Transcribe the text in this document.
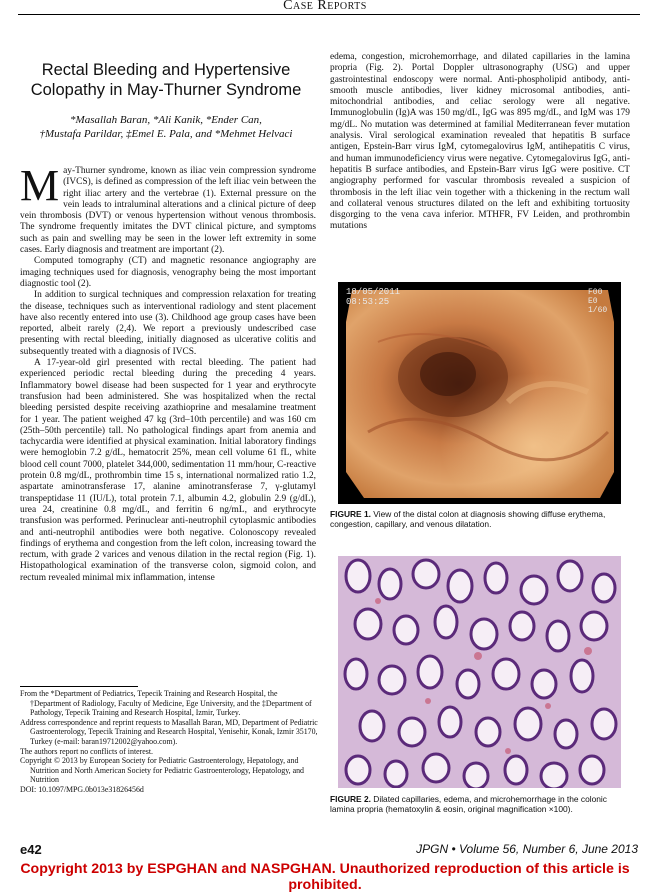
Case Reports
Rectal Bleeding and Hypertensive Colopathy in May-Thurner Syndrome
*Masallah Baran, *Ali Kanik, *Ender Can,
†Mustafa Parildar, ‡Emel E. Pala, and *Mehmet Helvaci

May-Thurner syndrome, known as iliac vein compression syndrome (IVCS), is defined as compression of the left iliac vein between the right iliac artery and the vertebrae (1). External pressure on the vein leads to intraluminal alterations and a clinical picture of deep vein thrombosis (DVT) or venous hypertension without venous thrombosis. The syndrome frequently imitates the DVT clinical picture, and symptoms such as pain and swelling may be seen in the lower left extremity in some cases. Early diagnosis and treatment are important (2).

Computed tomography (CT) and magnetic resonance angiography are imaging techniques used for diagnosis, venography being the most important diagnostic tool (2).

In addition to surgical techniques and compression relaxation for treating the disease, techniques such as interventional radiology and stent placement have also recently entered into use (3). Childhood age group cases have been reported, albeit rarely (2,4). We report a previously undescribed case presenting with rectal bleeding, initially diagnosed as ulcerative colitis and subsequently treated with a diagnosis of IVCS.

A 17-year-old girl presented with rectal bleeding. The patient had experienced periodic rectal bleeding during the preceding 4 years. Inflammatory bowel disease had been suspected for 1 year and erythrocyte transfusion had been administered. She was hospitalized when the rectal bleeding persisted despite receiving azathioprine and mesalamine treatment for 1 year. The patient weighed 47 kg (3rd–10th percentile) and was 160 cm (25th–50th percentile) tall. No pathological findings apart from anemia and tachycardia were identified at physical examination. Initial laboratory findings were hemoglobin 7.2 g/dL, hematocrit 25%, mean cell volume 61 fL, white blood cell count 7000, platelet 344,000, sedimentation 11 mm/hour, C-reactive protein 0.8 mg/dL, prothrombin time 15 s, international normalized ratio 1.2, aspartate aminotransferase 17, alanine aminotransferase 7, γ-glutamyl transpeptidase 11 (IU/L), total protein 7.1, albumin 4.2, globulin 2.9 (g/dL), urea 24, creatinine 0.8 mg/dL, and ferritin 6 ng/mL, and erythrocyte transfusion was performed. Perinuclear anti-neutrophil cytoplasmic antibodies and anti-neutrophil antibodies were both negative. Colonoscopy revealed findings of erythema and congestion from the left colon, increasing toward the rectum, with grade 2 varices and venous dilation in the rectal region (Fig. 1). Histopathological examination of the transverse colon, sigmoid colon, and rectum revealed minimal mix inflammation, intense

edema, congestion, microhemorrhage, and dilated capillaries in the lamina propria (Fig. 2). Portal Doppler ultrasonography (USG) and upper gastrointestinal endoscopy were normal. Anti-phospholipid antibody, anti-smooth muscle antibodies, liver kidney microsomal antibodies, anti-mitochondrial antibodies, and celiac serology were all negative. Immunoglobulin (Ig)A was 150 mg/dL, IgG was 895 mg/dL, and IgM was 179 mg/dL. No mutation was determined at familial Mediterranean fever mutation analysis. Viral serological examination revealed that hepatitis B surface antigen, Epstein-Barr virus IgM, cytomegalovirus IgM, antihepatitis C virus, and human immunodeficiency virus were negative. Cytomegalovirus IgG, anti-hepatitis B surface antibodies, and Epstein-Barr virus IgG were positive. CT angiography performed for vascular thrombosis revealed a suspicion of thrombosis in the left iliac vein together with a thickening in the rectum wall and collateral venous structures dilated on the left and exhibiting tortuosity disgorging to the vena cava inferior. MTHFR, FV Leiden, and prothrombin mutations

18/05/2011
08:53:25
F00
E0
1/60
FIGURE 1. View of the distal colon at diagnosis showing diffuse erythema, congestion, capillary, and venous dilatation.
FIGURE 2. Dilated capillaries, edema, and microhemorrhage in the colonic lamina propria (hematoxylin & eosin, original magnification ×100).

From the *Department of Pediatrics, Tepecik Training and Research Hospital, the †Department of Radiology, Faculty of Medicine, Ege University, and the ‡Department of Pathology, Tepecik Training and Research Hospital, Izmir, Turkey.

Address correspondence and reprint requests to Masallah Baran, MD, Department of Pediatric Gastroenterology, Tepecik Training and Research Hospital, Yenisehir, Konak, Izmir 35170, Turkey (e-mail: baran19712002@yahoo.com).

The authors report no conflicts of interest.

Copyright © 2013 by European Society for Pediatric Gastroenterology, Hepatology, and Nutrition and North American Society for Pediatric Gastroenterology, Hepatology, and Nutrition

DOI: 10.1097/MPG.0b013e31826456d

e42	JPGN • Volume 56, Number 6, June 2013
Copyright 2013 by ESPGHAN and NASPGHAN. Unauthorized reproduction of this article is prohibited.
